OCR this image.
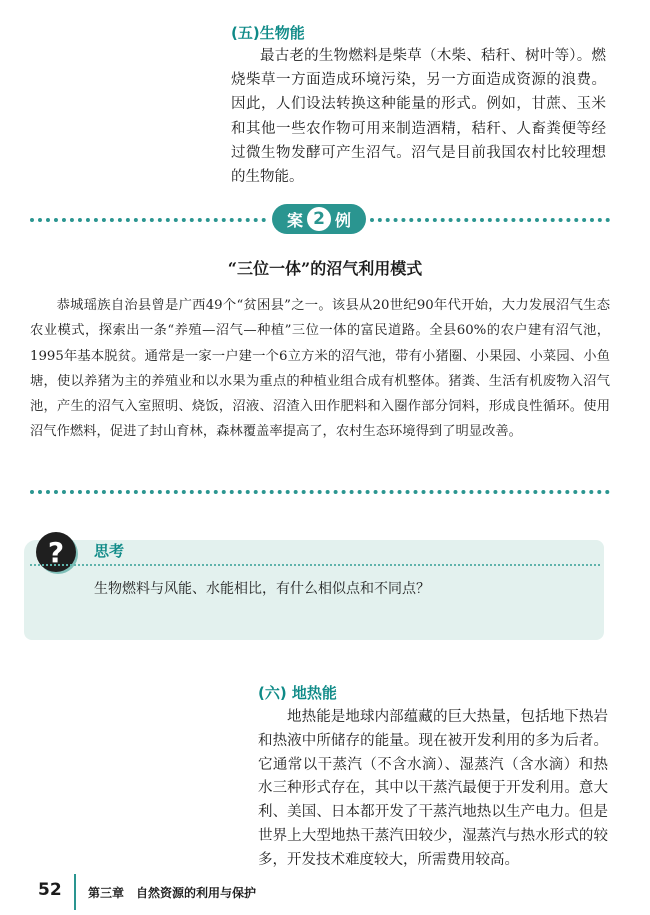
(五)生物能

最古老的生物燃料是柴草（木柴、秸秆、树叶等）。燃烧柴草一方面造成环境污染，另一方面造成资源的浪费。因此，人们设法转换这种能量的形式。例如，甘蔗、玉米和其他一些农作物可用来制造酒精，秸秆、人畜粪便等经过微生物发酵可产生沼气。沼气是目前我国农村比较理想的生物能。

案 2 例
“三位一体”的沼气利用模式

恭城瑶族自治县曾是广西49个“贫困县”之一。该县从20世纪90年代开始，大力发展沼气生态农业模式，探索出一条“养殖—沼气—种植”三位一体的富民道路。全县60%的农户建有沼气池，1995年基本脱贫。通常是一家一户建一个6立方米的沼气池，带有小猪圈、小果园、小菜园、小鱼塘，使以养猪为主的养殖业和以水果为重点的种植业组合成有机整体。猪粪、生活有机废物入沼气池，产生的沼气入室照明、烧饭，沼液、沼渣入田作肥料和入圈作部分饲料，形成良性循环。使用沼气作燃料，促进了封山育林，森林覆盖率提高了，农村生态环境得到了明显改善。

?	思考
生物燃料与风能、水能相比，有什么相似点和不同点？
(六) 地热能

地热能是地球内部蕴藏的巨大热量，包括地下热岩和热液中所储存的能量。现在被开发利用的多为后者。它通常以干蒸汽（不含水滴）、湿蒸汽（含水滴）和热水三种形式存在，其中以干蒸汽最便于开发利用。意大利、美国、日本都开发了干蒸汽地热以生产电力。但是世界上大型地热干蒸汽田较少，湿蒸汽与热水形式的较多，开发技术难度较大，所需费用较高。

52 第三章　自然资源的利用与保护
